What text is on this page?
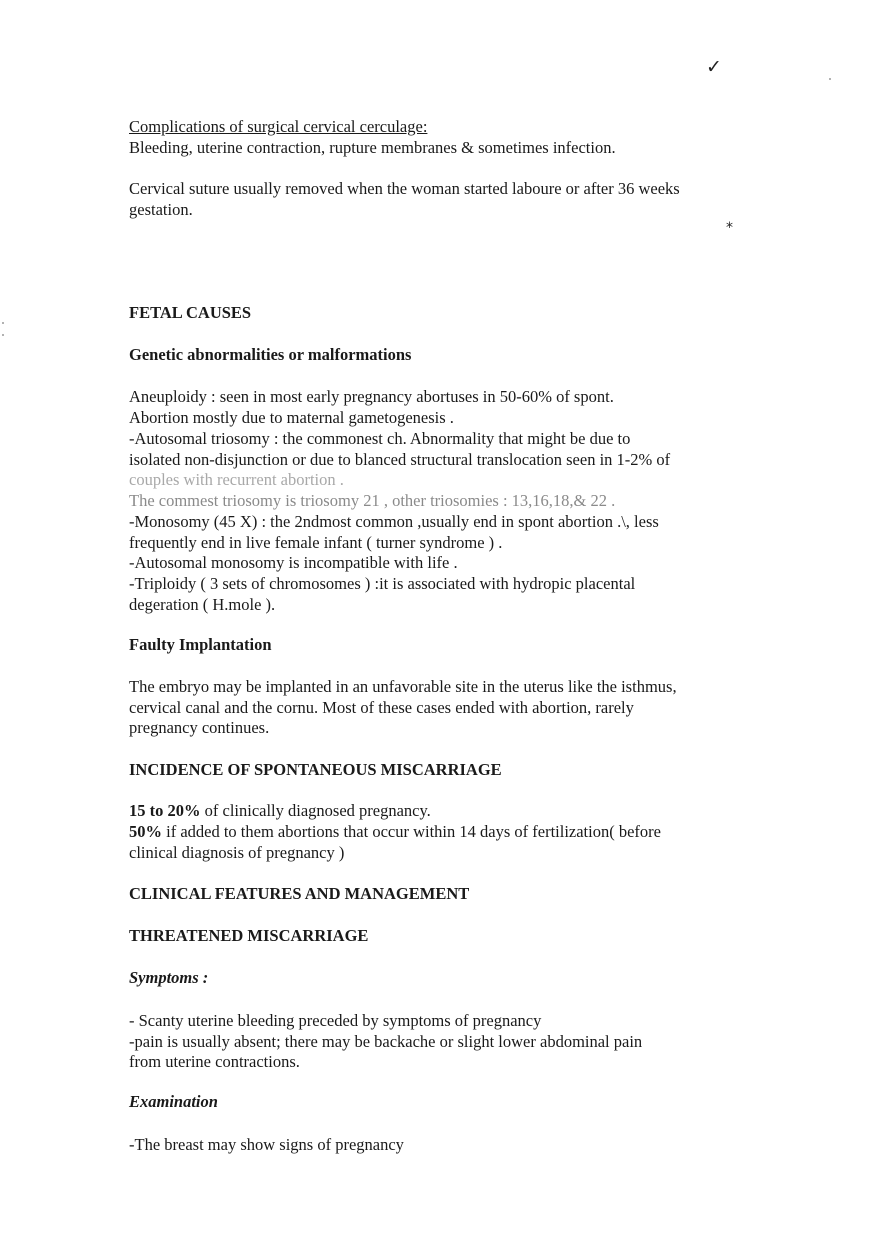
✓
*
Complications of surgical cervical cerculage:
Bleeding, uterine contraction, rupture membranes & sometimes infection.
Cervical suture usually removed when the woman started laboure or after 36 weeks
gestation.
FETAL CAUSES
Genetic abnormalities or malformations
Aneuploidy : seen in most early pregnancy abortuses in 50-60% of spont.
Abortion mostly due to maternal gametogenesis .
-Autosomal triosomy : the commonest ch. Abnormality that might be due to
isolated non-disjunction or due to blanced structural translocation seen in 1-2% of
couples with recurrent abortion .
The commest triosomy is triosomy 21 , other triosomies : 13,16,18,& 22 .
-Monosomy (45 X) : the 2ndmost common ,usually end in spont abortion .\, less
frequently end in live female infant ( turner syndrome ) .
-Autosomal monosomy is incompatible with life .
-Triploidy ( 3 sets of chromosomes ) :it is associated with hydropic placental
degeration ( H.mole ).
Faulty Implantation
The embryo may be implanted in an unfavorable site in the uterus like the isthmus,
cervical canal and the cornu. Most of these cases ended with abortion, rarely
pregnancy continues.
INCIDENCE OF SPONTANEOUS MISCARRIAGE
15 to 20% of clinically diagnosed pregnancy.
50% if added to them abortions that occur within 14 days of fertilization( before
clinical diagnosis of pregnancy )
CLINICAL FEATURES AND MANAGEMENT
THREATENED MISCARRIAGE
Symptoms :
- Scanty uterine bleeding preceded by symptoms of pregnancy
-pain is usually absent; there may be backache or slight lower abdominal pain
from uterine contractions.
Examination
-The breast may show signs of pregnancy
